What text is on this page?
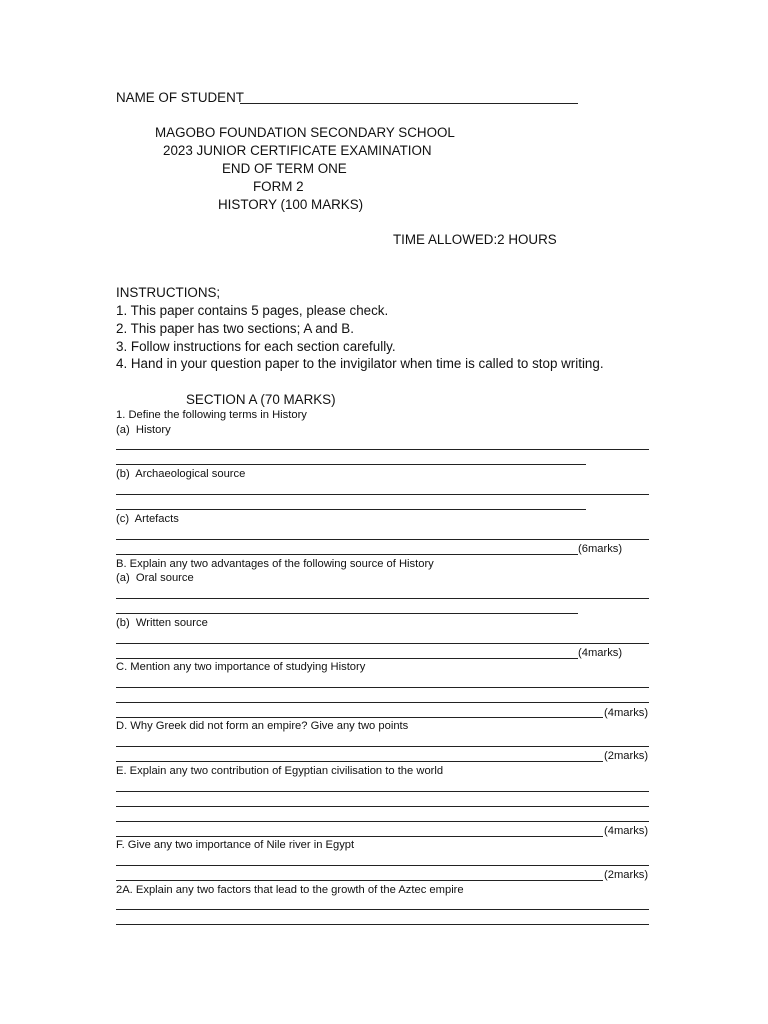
NAME OF STUDENT
MAGOBO FOUNDATION SECONDARY SCHOOL
2023 JUNIOR CERTIFICATE EXAMINATION
END OF TERM ONE
FORM 2
HISTORY (100 MARKS)
TIME ALLOWED:2 HOURS
INSTRUCTIONS;
1. This paper contains 5 pages, please check.
2. This paper has two sections; A and B.
3. Follow instructions for each section carefully.
4. Hand in your question paper to the invigilator when time is called to stop writing.
SECTION A (70 MARKS)
1. Define the following terms in History
(a)  History
(b)  Archaeological source
(c)  Artefacts
(6marks)
B. Explain any two advantages of the following source of History
(a)  Oral source
(b)  Written source
(4marks)
C. Mention any two importance of studying History
(4marks)
D. Why Greek did not form an empire? Give any two points
(2marks)
E. Explain any two contribution of Egyptian civilisation to the world
(4marks)
F. Give any two importance of Nile river in Egypt
(2marks)
2A. Explain any two factors that lead to the growth of the Aztec empire
